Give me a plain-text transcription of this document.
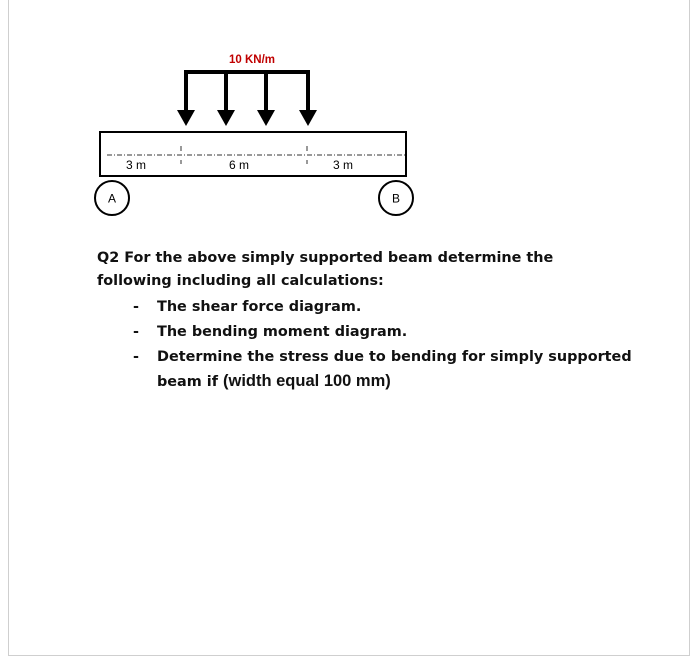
10 KN/m
3 m	6 m	3 m
A	B
Q2 For the above simply supported beam determine the following including all calculations:
- The shear force diagram.
- The bending moment diagram.
- Determine the stress due to bending for simply supported beam if (width equal 100 mm)
